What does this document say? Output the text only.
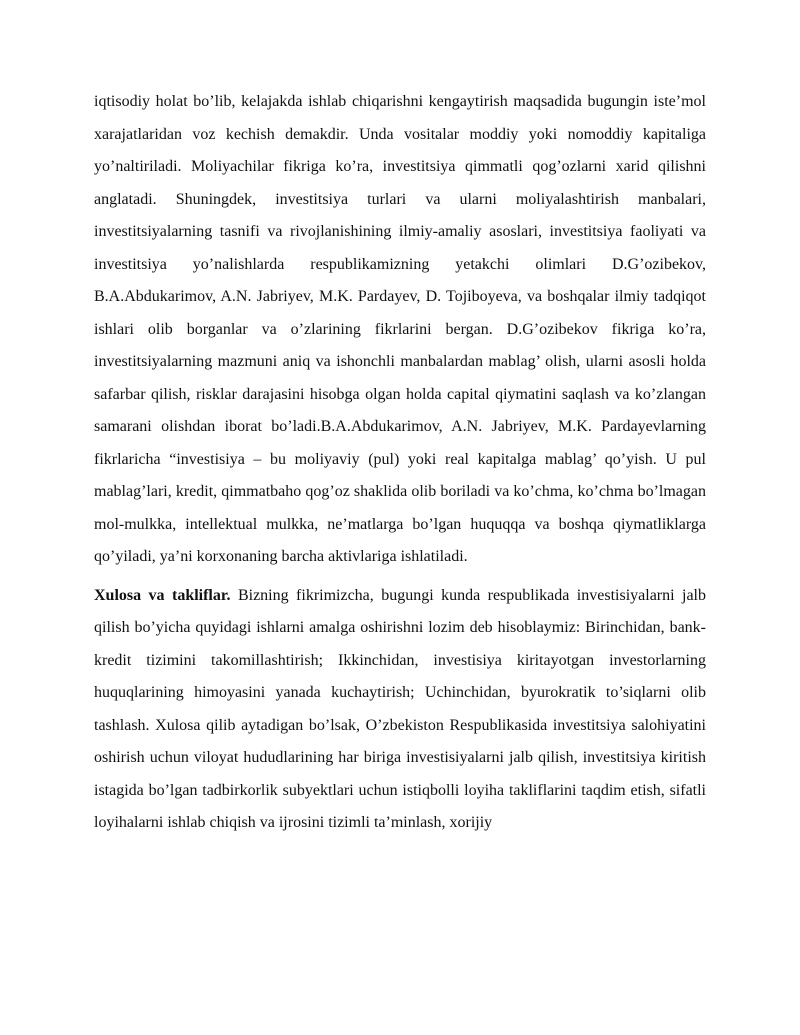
iqtisodiy holat bo’lib, kelajakda ishlab chiqarishni kengaytirish maqsadida bugungin iste’mol xarajatlaridan voz kechish demakdir. Unda vositalar moddiy yoki nomoddiy kapitaliga yo’naltiriladi. Moliyachilar fikriga ko’ra, investitsiya qimmatli qog’ozlarni xarid qilishni anglatadi. Shuningdek, investitsiya turlari va ularni moliyalashtirish manbalari, investitsiyalarning tasnifi va rivojlanishining ilmiy-amaliy asoslari, investitsiya faoliyati va investitsiya yo’nalishlarda respublikamizning yetakchi olimlari D.G’ozibekov, B.A.Abdukarimov, A.N. Jabriyev, M.K. Pardayev, D. Tojiboyeva, va boshqalar ilmiy tadqiqot ishlari olib borganlar va o’zlarining fikrlarini bergan. D.G’ozibekov fikriga ko’ra, investitsiyalarning mazmuni aniq va ishonchli manbalardan mablag’ olish, ularni asosli holda safarbar qilish, risklar darajasini hisobga olgan holda capital qiymatini saqlash va ko’zlangan samarani olishdan iborat bo’ladi.B.A.Abdukarimov, A.N. Jabriyev, M.K. Pardayevlarning fikrlaricha “investisiya – bu moliyaviy (pul) yoki real kapitalga mablag’ qo’yish. U pul mablag’lari, kredit, qimmatbaho qog’oz shaklida olib boriladi va ko’chma, ko’chma bo’lmagan mol-mulkka, intellektual mulkka, ne’matlarga bo’lgan huquqqa va boshqa qiymatliklarga qo’yiladi, ya’ni korxonaning barcha aktivlariga ishlatiladi.

Xulosa va takliflar. Bizning fikrimizcha, bugungi kunda respublikada investisiyalarni jalb qilish bo’yicha quyidagi ishlarni amalga oshirishni lozim deb hisoblaymiz: Birinchidan, bank-kredit tizimini takomillashtirish; Ikkinchidan, investisiya kiritayotgan investorlarning huquqlarining himoyasini yanada kuchaytirish; Uchinchidan, byurokratik to’siqlarni olib tashlash. Xulosa qilib aytadigan bo’lsak, O’zbekiston Respublikasida investitsiya salohiyatini oshirish uchun viloyat hududlarining har biriga investisiyalarni jalb qilish, investitsiya kiritish istagida bo’lgan tadbirkorlik subyektlari uchun istiqbolli loyiha takliflarini taqdim etish, sifatli loyihalarni ishlab chiqish va ijrosini tizimli ta’minlash, xorijiy
